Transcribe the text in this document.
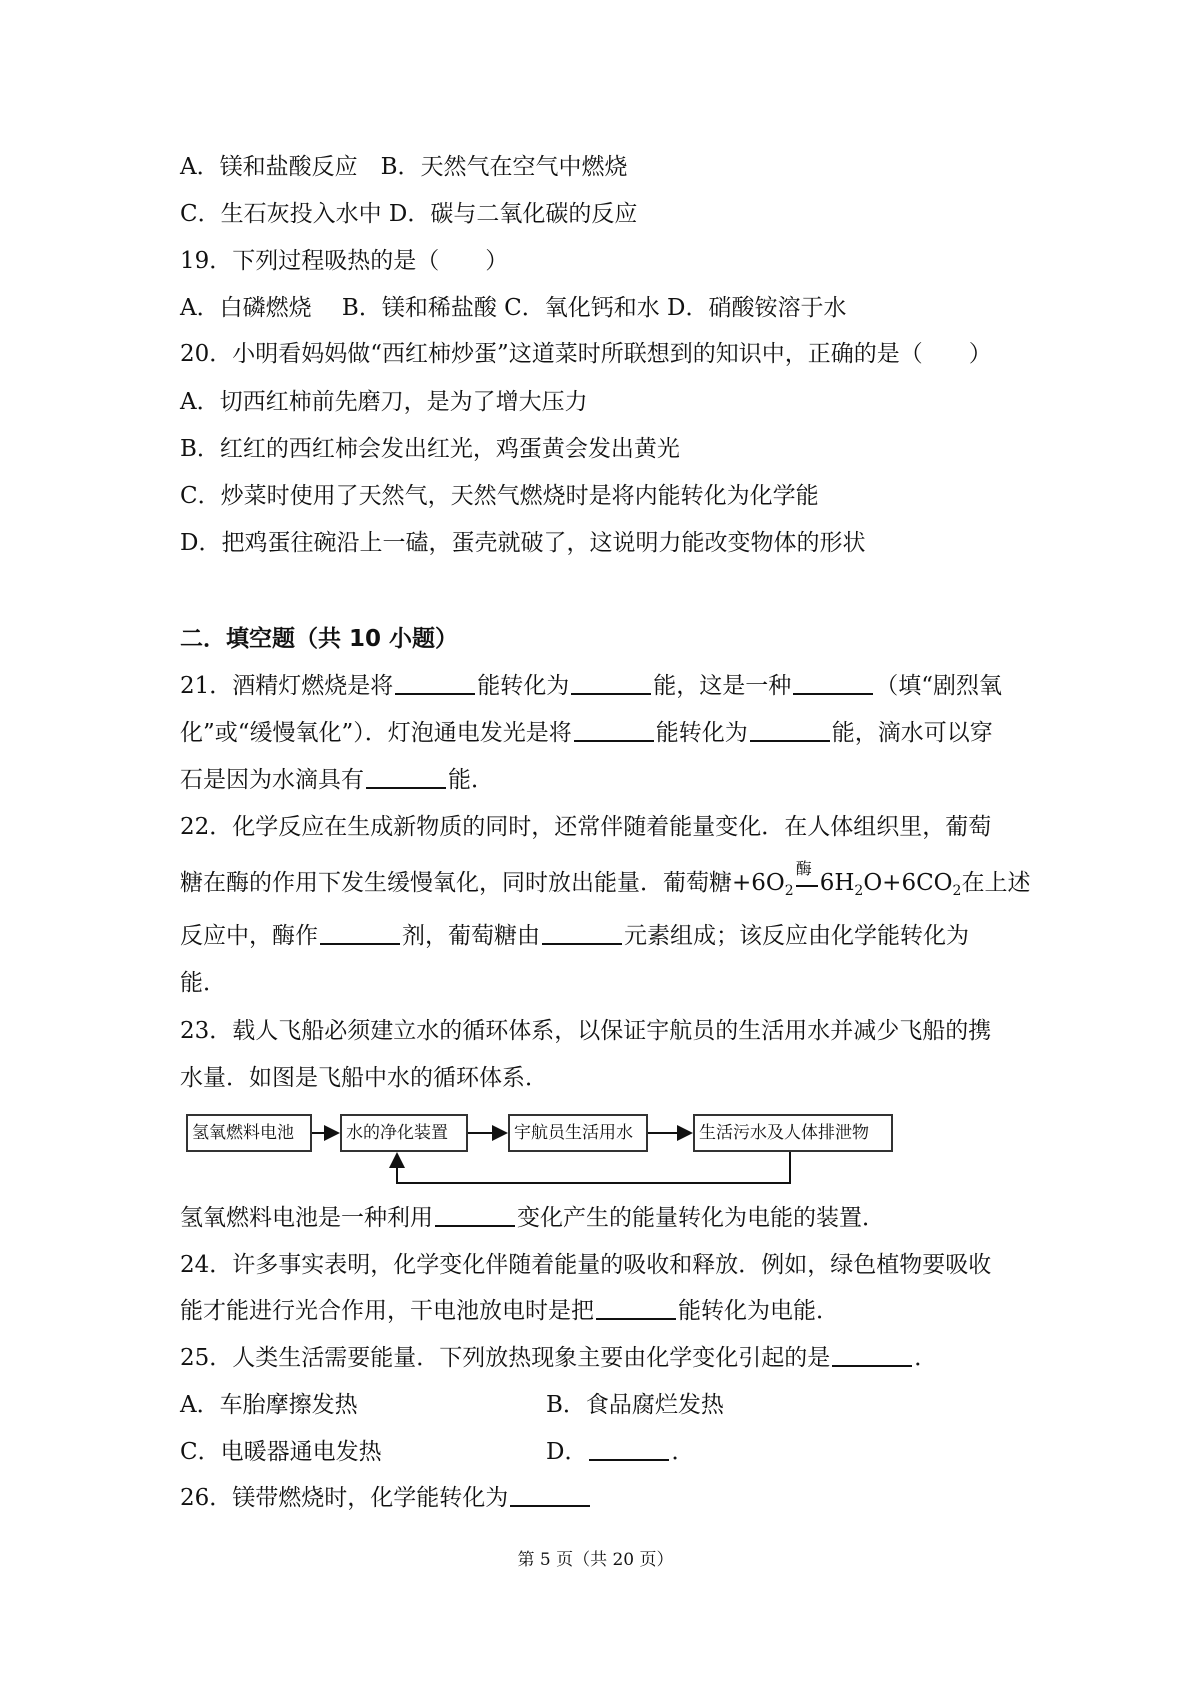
A．镁和盐酸反应　B．天然气在空气中燃烧
C．生石灰投入水中 D．碳与二氧化碳的反应
19．下列过程吸热的是（　　）
A．白磷燃烧　 B．镁和稀盐酸 C．氧化钙和水 D．硝酸铵溶于水
20．小明看妈妈做“西红柿炒蛋”这道菜时所联想到的知识中，正确的是（　　）
A．切西红柿前先磨刀，是为了增大压力
B．红红的西红柿会发出红光，鸡蛋黄会发出黄光
C．炒菜时使用了天然气，天然气燃烧时是将内能转化为化学能
D．把鸡蛋往碗沿上一磕，蛋壳就破了，这说明力能改变物体的形状
二．填空题（共 10 小题）
21．酒精灯燃烧是将	能转化为	能，这是一种	（填“剧烈氧
化”或“缓慢氧化”）．灯泡通电发光是将	能转化为	能，滴水可以穿
石是因为水滴具有	能．
22．化学反应在生成新物质的同时，还常伴随着能量变化．在人体组织里，葡萄
糖在酶的作用下发生缓慢氧化，同时放出能量．葡萄糖$+6O_2$
酶
$6H_2O+6CO_2$在上述
反应中，酶作	剂，葡萄糖由	元素组成；该反应由化学能转化为
能．
23．载人飞船必须建立水的循环体系，以保证宇航员的生活用水并减少飞船的携
水量．如图是飞船中水的循环体系．
氢氧燃料电池	水的净化装置	宇航员生活用水	生活污水及人体排泄物
氢氧燃料电池是一种利用	变化产生的能量转化为电能的装置．
24．许多事实表明，化学变化伴随着能量的吸收和释放．例如，绿色植物要吸收
能才能进行光合作用，干电池放电时是把	能转化为电能．
25．人类生活需要能量．下列放热现象主要由化学变化引起的是	．
A．车胎摩擦发热	B．食品腐烂发热
C．电暖器通电发热	D．	．
26．镁带燃烧时，化学能转化为
第 5 页（共 20 页）
